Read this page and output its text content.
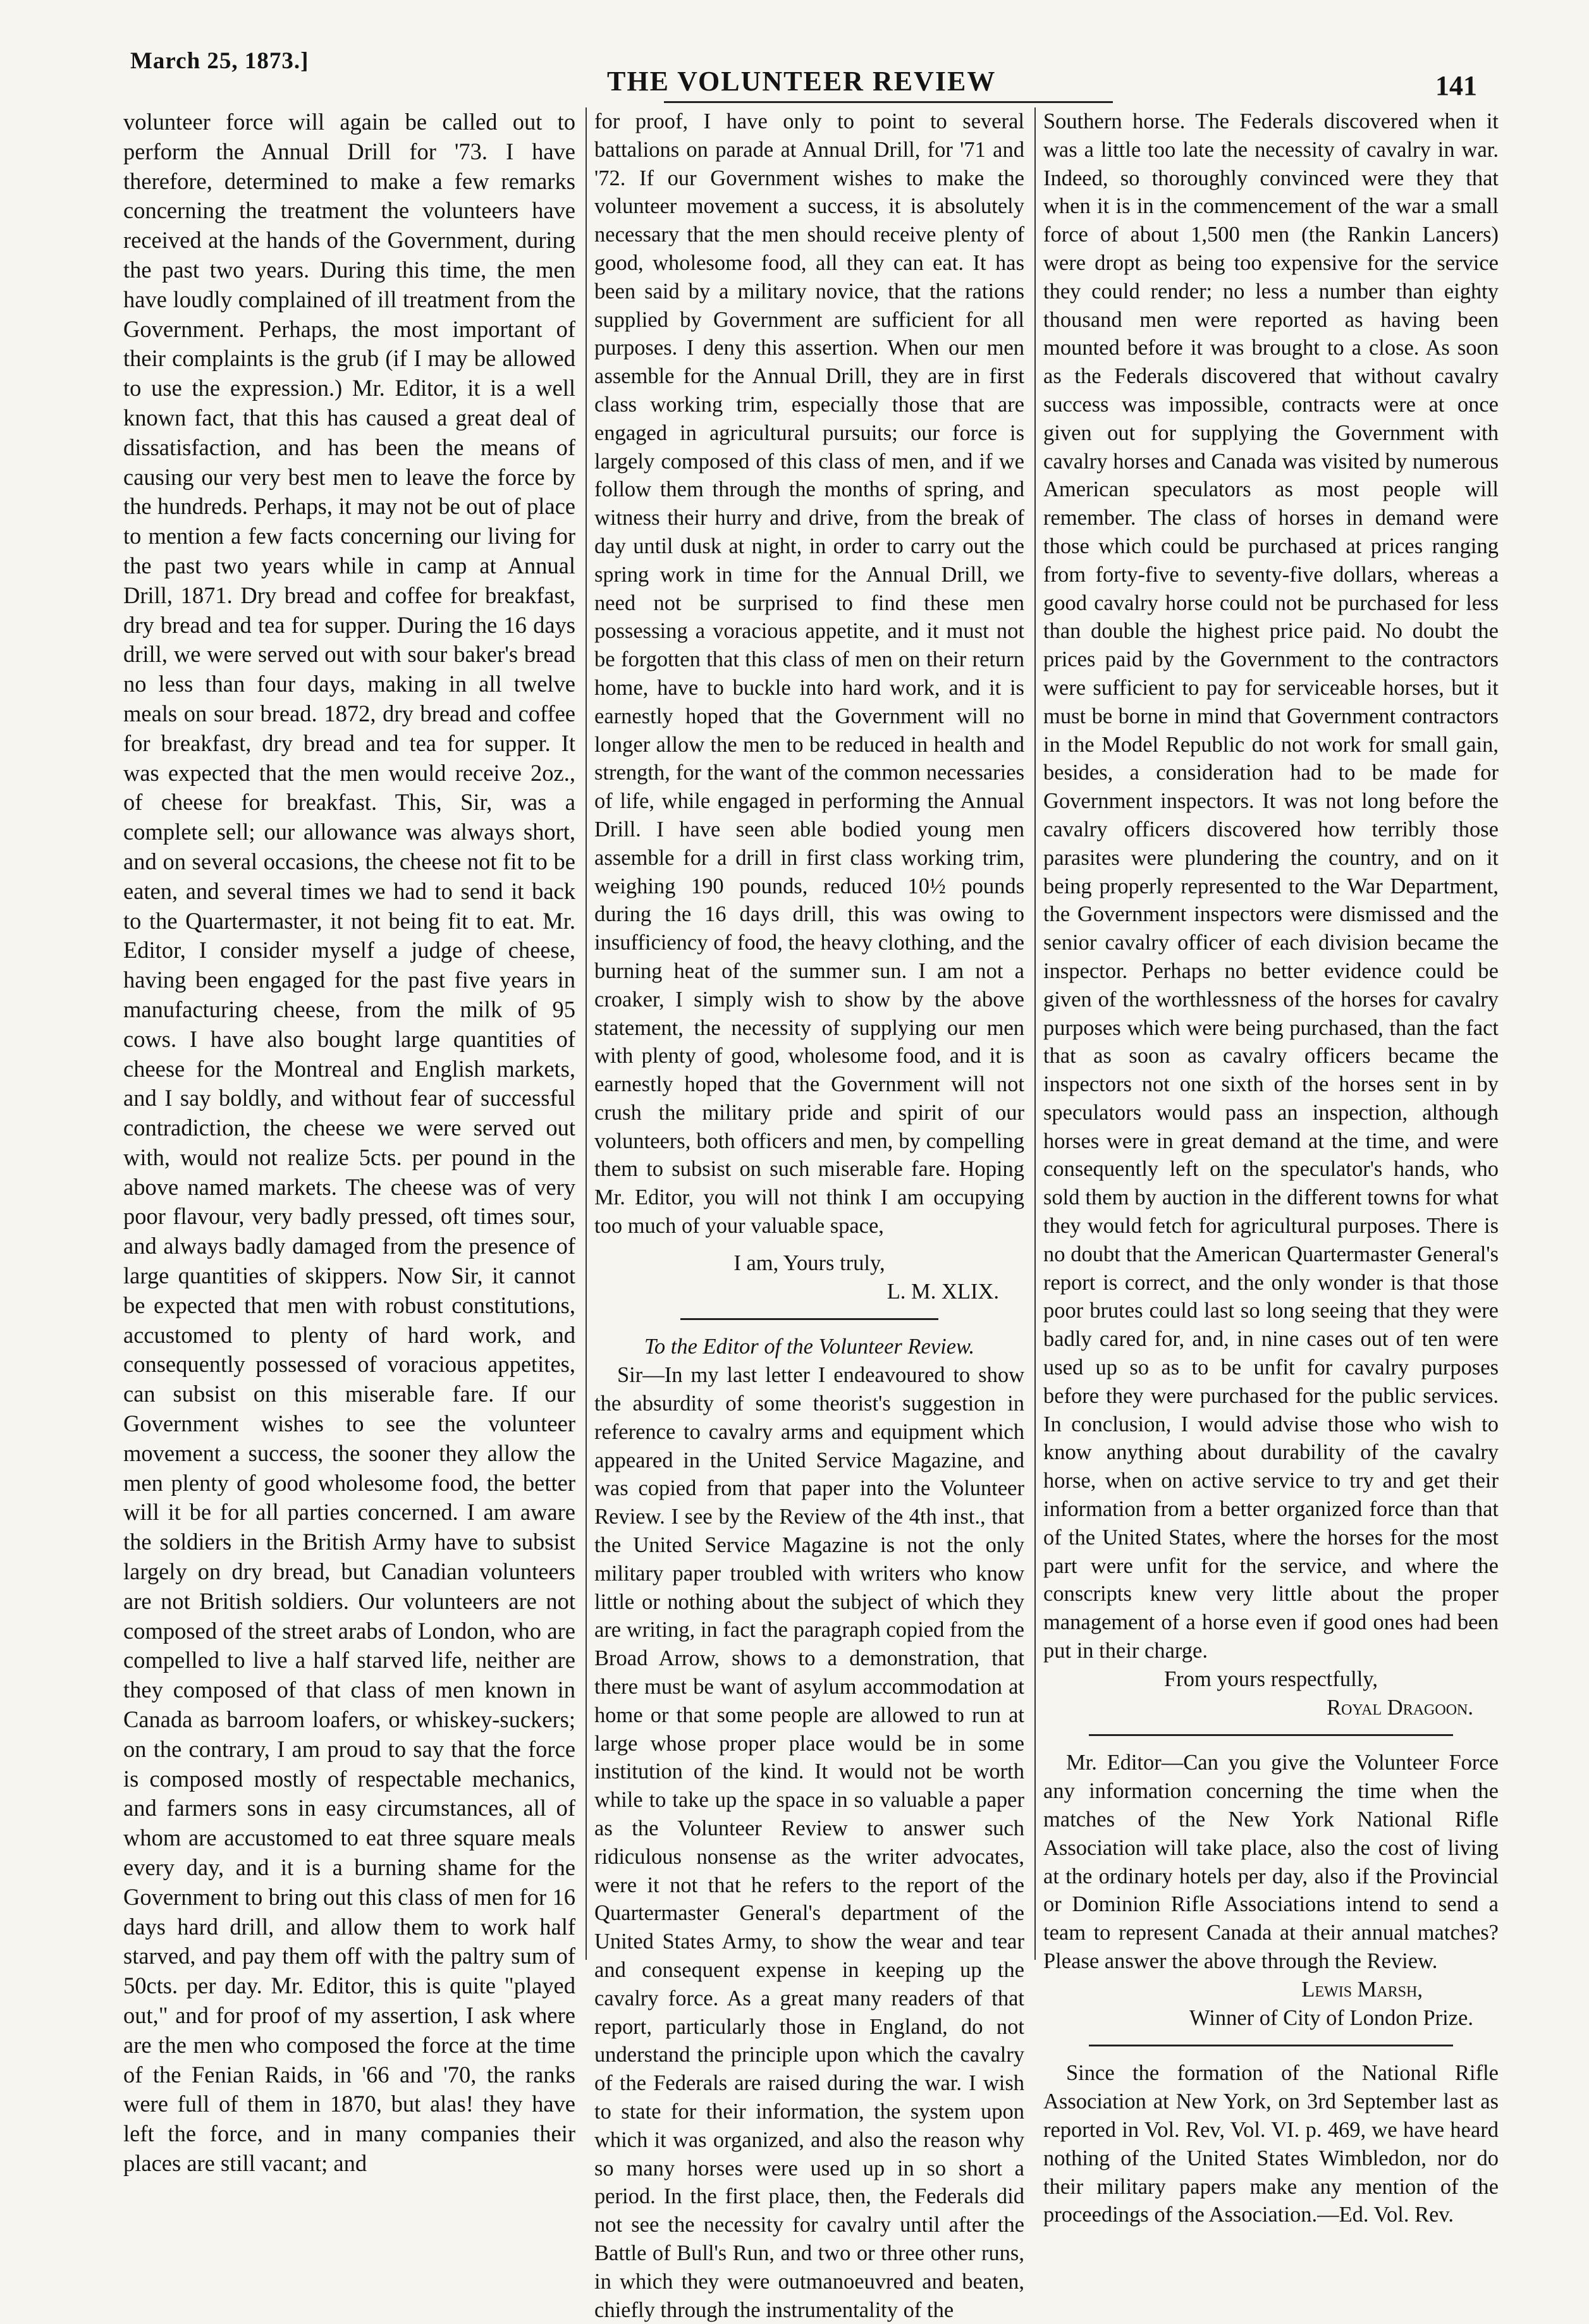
March 25, 1873.]
THE VOLUNTEER REVIEW	141

volunteer force will again be called out to perform the Annual Drill for '73. I have therefore, determined to make a few remarks concerning the treatment the volunteers have received at the hands of the Government, during the past two years. During this time, the men have loudly complained of ill treatment from the Government. Perhaps, the most important of their complaints is the grub (if I may be allowed to use the expression.) Mr. Editor, it is a well known fact, that this has caused a great deal of dissatisfaction, and has been the means of causing our very best men to leave the force by the hundreds. Perhaps, it may not be out of place to mention a few facts concerning our living for the past two years while in camp at Annual Drill, 1871. Dry bread and coffee for breakfast, dry bread and tea for supper. During the 16 days drill, we were served out with sour baker's bread no less than four days, making in all twelve meals on sour bread. 1872, dry bread and coffee for breakfast, dry bread and tea for supper. It was expected that the men would receive 2oz., of cheese for breakfast. This, Sir, was a complete sell; our allowance was always short, and on several occasions, the cheese not fit to be eaten, and several times we had to send it back to the Quartermaster, it not being fit to eat. Mr. Editor, I consider myself a judge of cheese, having been engaged for the past five years in manufacturing cheese, from the milk of 95 cows. I have also bought large quantities of cheese for the Montreal and English markets, and I say boldly, and without fear of successful contradiction, the cheese we were served out with, would not realize 5cts. per pound in the above named markets. The cheese was of very poor flavour, very badly pressed, oft times sour, and always badly damaged from the presence of large quantities of skippers. Now Sir, it cannot be expected that men with robust constitutions, accustomed to plenty of hard work, and consequently possessed of voracious appetites, can subsist on this miserable fare. If our Government wishes to see the volunteer movement a success, the sooner they allow the men plenty of good wholesome food, the better will it be for all parties concerned. I am aware the soldiers in the British Army have to subsist largely on dry bread, but Canadian volunteers are not British soldiers. Our volunteers are not composed of the street arabs of London, who are compelled to live a half starved life, neither are they composed of that class of men known in Canada as barroom loafers, or whiskey-suckers; on the contrary, I am proud to say that the force is composed mostly of respectable mechanics, and farmers sons in easy circumstances, all of whom are accustomed to eat three square meals every day, and it is a burning shame for the Government to bring out this class of men for 16 days hard drill, and allow them to work half starved, and pay them off with the paltry sum of 50cts. per day. Mr. Editor, this is quite "played out," and for proof of my assertion, I ask where are the men who composed the force at the time of the Fenian Raids, in '66 and '70, the ranks were full of them in 1870, but alas! they have left the force, and in many companies their places are still vacant; and

for proof, I have only to point to several battalions on parade at Annual Drill, for '71 and '72. If our Government wishes to make the volunteer movement a success, it is absolutely necessary that the men should receive plenty of good, wholesome food, all they can eat. It has been said by a military novice, that the rations supplied by Government are sufficient for all purposes. I deny this assertion. When our men assemble for the Annual Drill, they are in first class working trim, especially those that are engaged in agricultural pursuits; our force is largely composed of this class of men, and if we follow them through the months of spring, and witness their hurry and drive, from the break of day until dusk at night, in order to carry out the spring work in time for the Annual Drill, we need not be surprised to find these men possessing a voracious appetite, and it must not be forgotten that this class of men on their return home, have to buckle into hard work, and it is earnestly hoped that the Government will no longer allow the men to be reduced in health and strength, for the want of the common necessaries of life, while engaged in performing the Annual Drill. I have seen able bodied young men assemble for a drill in first class working trim, weighing 190 pounds, reduced 10½ pounds during the 16 days drill, this was owing to insufficiency of food, the heavy clothing, and the burning heat of the summer sun. I am not a croaker, I simply wish to show by the above statement, the necessity of supplying our men with plenty of good, wholesome food, and it is earnestly hoped that the Government will not crush the military pride and spirit of our volunteers, both officers and men, by compelling them to subsist on such miserable fare. Hoping Mr. Editor, you will not think I am occupying too much of your valuable space,

I am, Yours truly,

L. M. XLIX.

To the Editor of the Volunteer Review.

Sir—In my last letter I endeavoured to show the absurdity of some theorist's suggestion in reference to cavalry arms and equipment which appeared in the United Service Magazine, and was copied from that paper into the Volunteer Review. I see by the Review of the 4th inst., that the United Service Magazine is not the only military paper troubled with writers who know little or nothing about the subject of which they are writing, in fact the paragraph copied from the Broad Arrow, shows to a demonstration, that there must be want of asylum accommodation at home or that some people are allowed to run at large whose proper place would be in some institution of the kind. It would not be worth while to take up the space in so valuable a paper as the Volunteer Review to answer such ridiculous nonsense as the writer advocates, were it not that he refers to the report of the Quartermaster General's department of the United States Army, to show the wear and tear and consequent expense in keeping up the cavalry force. As a great many readers of that report, particularly those in England, do not understand the principle upon which the cavalry of the Federals are raised during the war. I wish to state for their information, the system upon which it was organized, and also the reason why so many horses were used up in so short a period. In the first place, then, the Federals did not see the necessity for cavalry until after the Battle of Bull's Run, and two or three other runs, in which they were outmanoeuvred and beaten, chiefly through the instrumentality of the

Southern horse. The Federals discovered when it was a little too late the necessity of cavalry in war. Indeed, so thoroughly convinced were they that when it is in the commencement of the war a small force of about 1,500 men (the Rankin Lancers) were dropt as being too expensive for the service they could render; no less a number than eighty thousand men were reported as having been mounted before it was brought to a close. As soon as the Federals discovered that without cavalry success was impossible, contracts were at once given out for supplying the Government with cavalry horses and Canada was visited by numerous American speculators as most people will remember. The class of horses in demand were those which could be purchased at prices ranging from forty-five to seventy-five dollars, whereas a good cavalry horse could not be purchased for less than double the highest price paid. No doubt the prices paid by the Government to the contractors were sufficient to pay for serviceable horses, but it must be borne in mind that Government contractors in the Model Republic do not work for small gain, besides, a consideration had to be made for Government inspectors. It was not long before the cavalry officers discovered how terribly those parasites were plundering the country, and on it being properly represented to the War Department, the Government inspectors were dismissed and the senior cavalry officer of each division became the inspector. Perhaps no better evidence could be given of the worthlessness of the horses for cavalry purposes which were being purchased, than the fact that as soon as cavalry officers became the inspectors not one sixth of the horses sent in by speculators would pass an inspection, although horses were in great demand at the time, and were consequently left on the speculator's hands, who sold them by auction in the different towns for what they would fetch for agricultural purposes. There is no doubt that the American Quartermaster General's report is correct, and the only wonder is that those poor brutes could last so long seeing that they were badly cared for, and, in nine cases out of ten were used up so as to be unfit for cavalry purposes before they were purchased for the public services. In conclusion, I would advise those who wish to know anything about durability of the cavalry horse, when on active service to try and get their information from a better organized force than that of the United States, where the horses for the most part were unfit for the service, and where the conscripts knew very little about the proper management of a horse even if good ones had been put in their charge.

From yours respectfully,

Royal Dragoon.

Mr. Editor—Can you give the Volunteer Force any information concerning the time when the matches of the New York National Rifle Association will take place, also the cost of living at the ordinary hotels per day, also if the Provincial or Dominion Rifle Associations intend to send a team to represent Canada at their annual matches? Please answer the above through the Review.

Lewis Marsh,

Winner of City of London Prize.

Since the formation of the National Rifle Association at New York, on 3rd September last as reported in Vol. Rev, Vol. VI. p. 469, we have heard nothing of the United States Wimbledon, nor do their military papers make any mention of the proceedings of the Association.—Ed. Vol. Rev.
